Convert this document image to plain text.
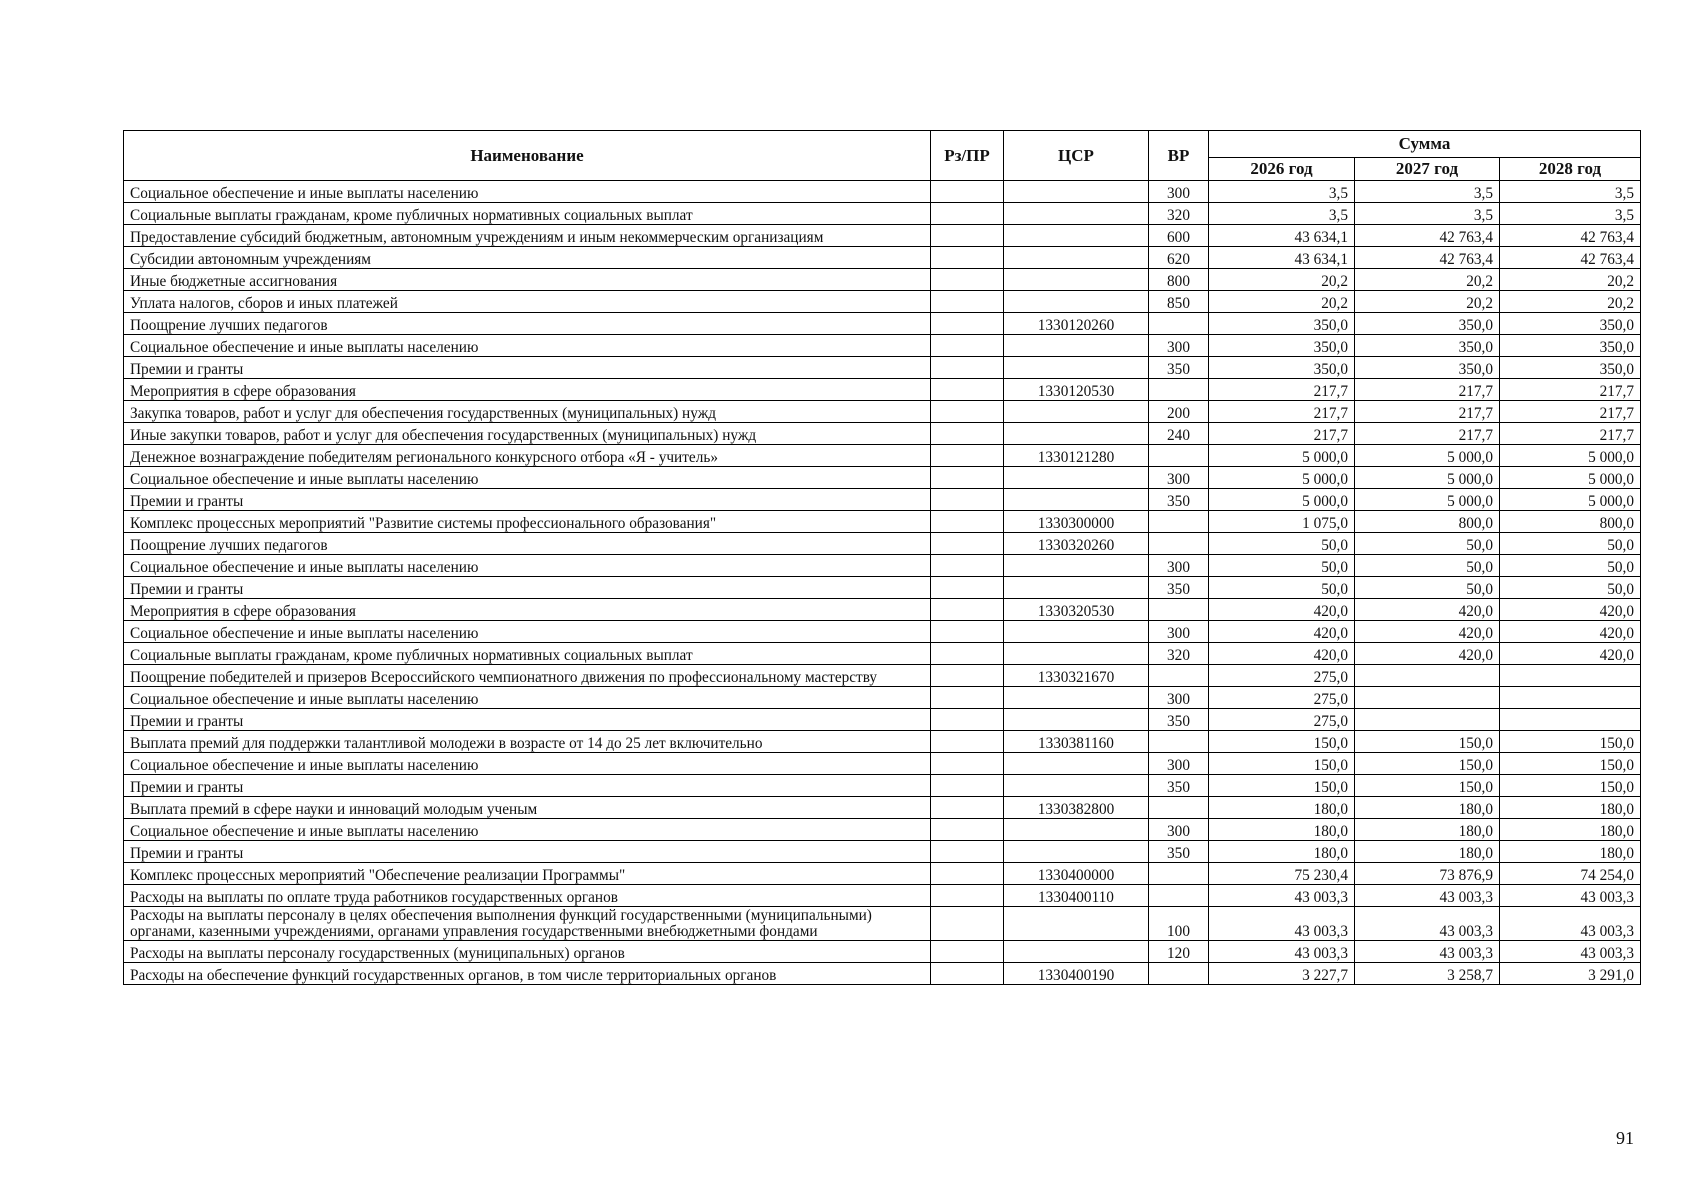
Наименование	Рз/ПР	ЦСР	ВР	Сумма		
				2026 год	2027 год	2028 год
Социальное обеспечение и иные выплаты населению			300	3,5	3,5	3,5
Социальные выплаты гражданам, кроме публичных нормативных социальных выплат			320	3,5	3,5	3,5
Предоставление субсидий бюджетным, автономным учреждениям и иным некоммерческим организациям			600	43 634,1	42 763,4	42 763,4
Субсидии автономным учреждениям			620	43 634,1	42 763,4	42 763,4
Иные бюджетные ассигнования			800	20,2	20,2	20,2
Уплата налогов, сборов и иных платежей			850	20,2	20,2	20,2
Поощрение лучших педагогов		1330120260		350,0	350,0	350,0
Социальное обеспечение и иные выплаты населению			300	350,0	350,0	350,0
Премии и гранты			350	350,0	350,0	350,0
Мероприятия в сфере образования		1330120530		217,7	217,7	217,7
Закупка товаров, работ и услуг для обеспечения государственных (муниципальных) нужд			200	217,7	217,7	217,7
Иные закупки товаров, работ и услуг для обеспечения государственных (муниципальных) нужд			240	217,7	217,7	217,7
Денежное вознаграждение победителям регионального конкурсного отбора «Я - учитель»		1330121280		5 000,0	5 000,0	5 000,0
Социальное обеспечение и иные выплаты населению			300	5 000,0	5 000,0	5 000,0
Премии и гранты			350	5 000,0	5 000,0	5 000,0
Комплекс процессных мероприятий "Развитие системы профессионального образования"		1330300000		1 075,0	800,0	800,0
Поощрение лучших педагогов		1330320260		50,0	50,0	50,0
Социальное обеспечение и иные выплаты населению			300	50,0	50,0	50,0
Премии и гранты			350	50,0	50,0	50,0
Мероприятия в сфере образования		1330320530		420,0	420,0	420,0
Социальное обеспечение и иные выплаты населению			300	420,0	420,0	420,0
Социальные выплаты гражданам, кроме публичных нормативных социальных выплат			320	420,0	420,0	420,0
Поощрение победителей и призеров Всероссийского чемпионатного движения по профессиональному мастерству		1330321670		275,0		
Социальное обеспечение и иные выплаты населению			300	275,0		
Премии и гранты			350	275,0		
Выплата премий для поддержки талантливой молодежи в возрасте от 14 до 25 лет включительно		1330381160		150,0	150,0	150,0
Социальное обеспечение и иные выплаты населению			300	150,0	150,0	150,0
Премии и гранты			350	150,0	150,0	150,0
Выплата премий в сфере науки и инноваций молодым ученым		1330382800		180,0	180,0	180,0
Социальное обеспечение и иные выплаты населению			300	180,0	180,0	180,0
Премии и гранты			350	180,0	180,0	180,0
Комплекс процессных мероприятий "Обеспечение реализации Программы"		1330400000		75 230,4	73 876,9	74 254,0
Расходы на выплаты по оплате труда работников государственных органов		1330400110		43 003,3	43 003,3	43 003,3
Расходы на выплаты персоналу в целях обеспечения выполнения функций государственными (муниципальными) органами, казенными учреждениями, органами управления государственными внебюджетными фондами			100	43 003,3	43 003,3	43 003,3
Расходы на выплаты персоналу государственных (муниципальных) органов			120	43 003,3	43 003,3	43 003,3
Расходы на обеспечение функций государственных органов, в том числе территориальных органов		1330400190		3 227,7	3 258,7	3 291,0
91
